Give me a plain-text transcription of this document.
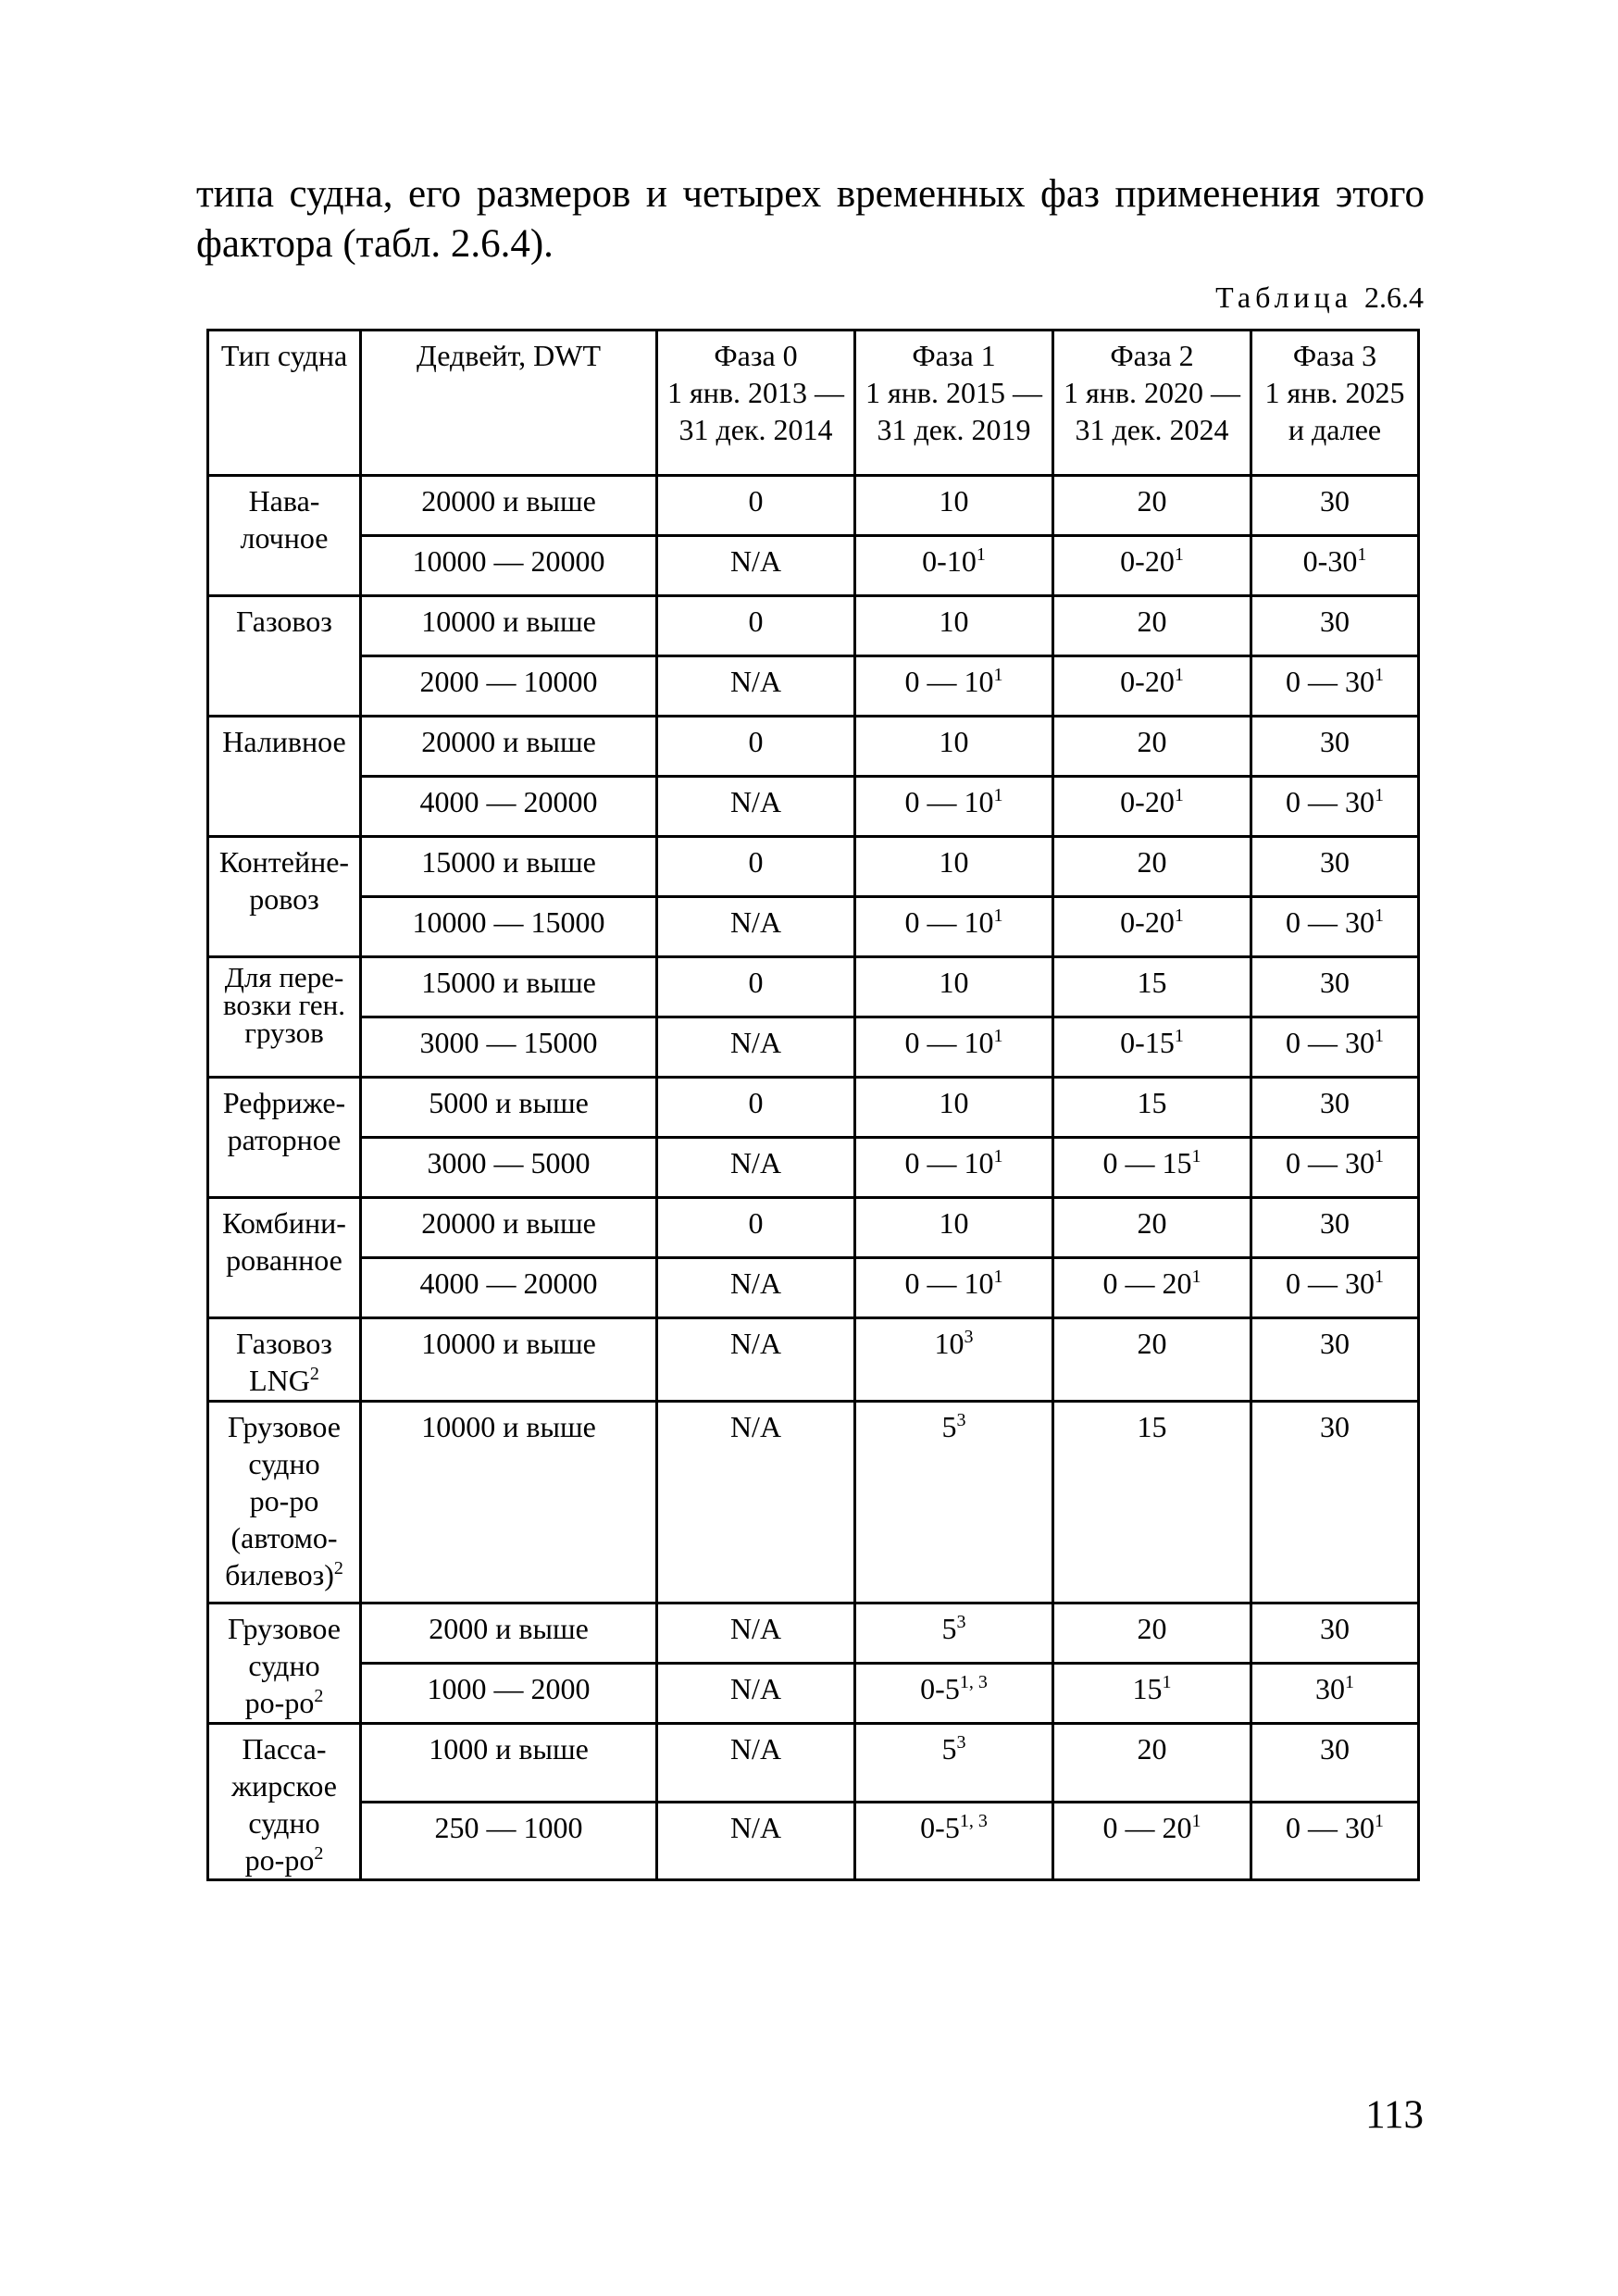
типа судна, его размеров и четырех временных фаз применения этого фактора (табл. 2.6.4).

Таблица 2.6.4

Тип судна	Дедвейт, DWT	Фаза 0
1 янв. 2013 —
31 дек. 2014	Фаза 1
1 янв. 2015 —
31 дек. 2019	Фаза 2
1 янв. 2020 —
31 дек. 2024	Фаза 3
1 янв. 2025
и далее
Нава-
лочное	20000 и выше	0	10	20	30
	10000 — 20000	N/A	$0-10^1$	$0-20^1$	$0-30^1$
Газовоз	10000 и выше	0	10	20	30
	2000 — 10000	N/A	0 — $10^1$	$0-20^1$	0 — $30^1$
Наливное	20000 и выше	0	10	20	30
	4000 — 20000	N/A	0 — $10^1$	$0-20^1$	0 — $30^1$
Контейне-
ровоз	15000 и выше	0	10	20	30
	10000 — 15000	N/A	0 — $10^1$	$0-20^1$	0 — $30^1$
Для пере-
возки ген.
грузов	15000 и выше	0	10	15	30
	3000 — 15000	N/A	0 — $10^1$	$0-15^1$	0 — $30^1$
Рефриже-
раторное	5000 и выше	0	10	15	30
	3000 — 5000	N/A	0 — $10^1$	0 — $15^1$	0 — $30^1$
Комбини-
рованное	20000 и выше	0	10	20	30
	4000 — 20000	N/A	0 — $10^1$	0 — $20^1$	0 — $30^1$
Газовоз
LNG$^2$	10000 и выше	N/A	$10^3$	20	30
Грузовое
судно
ро-ро
(автомо-
билевоз)$^2$	10000 и выше	N/A	$5^3$	15	30
Грузовое
судно
$ро-ро^2$	2000 и выше	N/A	$5^3$	20	30
	1000 — 2000	N/A	0-5$^{1, 3}$	$15^1$	$30^1$
Пасса-
жирское
судно
$ро-ро^2$	1000 и выше	N/A	$5^3$	20	30
	250 — 1000	N/A	0-5$^{1, 3}$	0 — $20^1$	0 — $30^1$

113
